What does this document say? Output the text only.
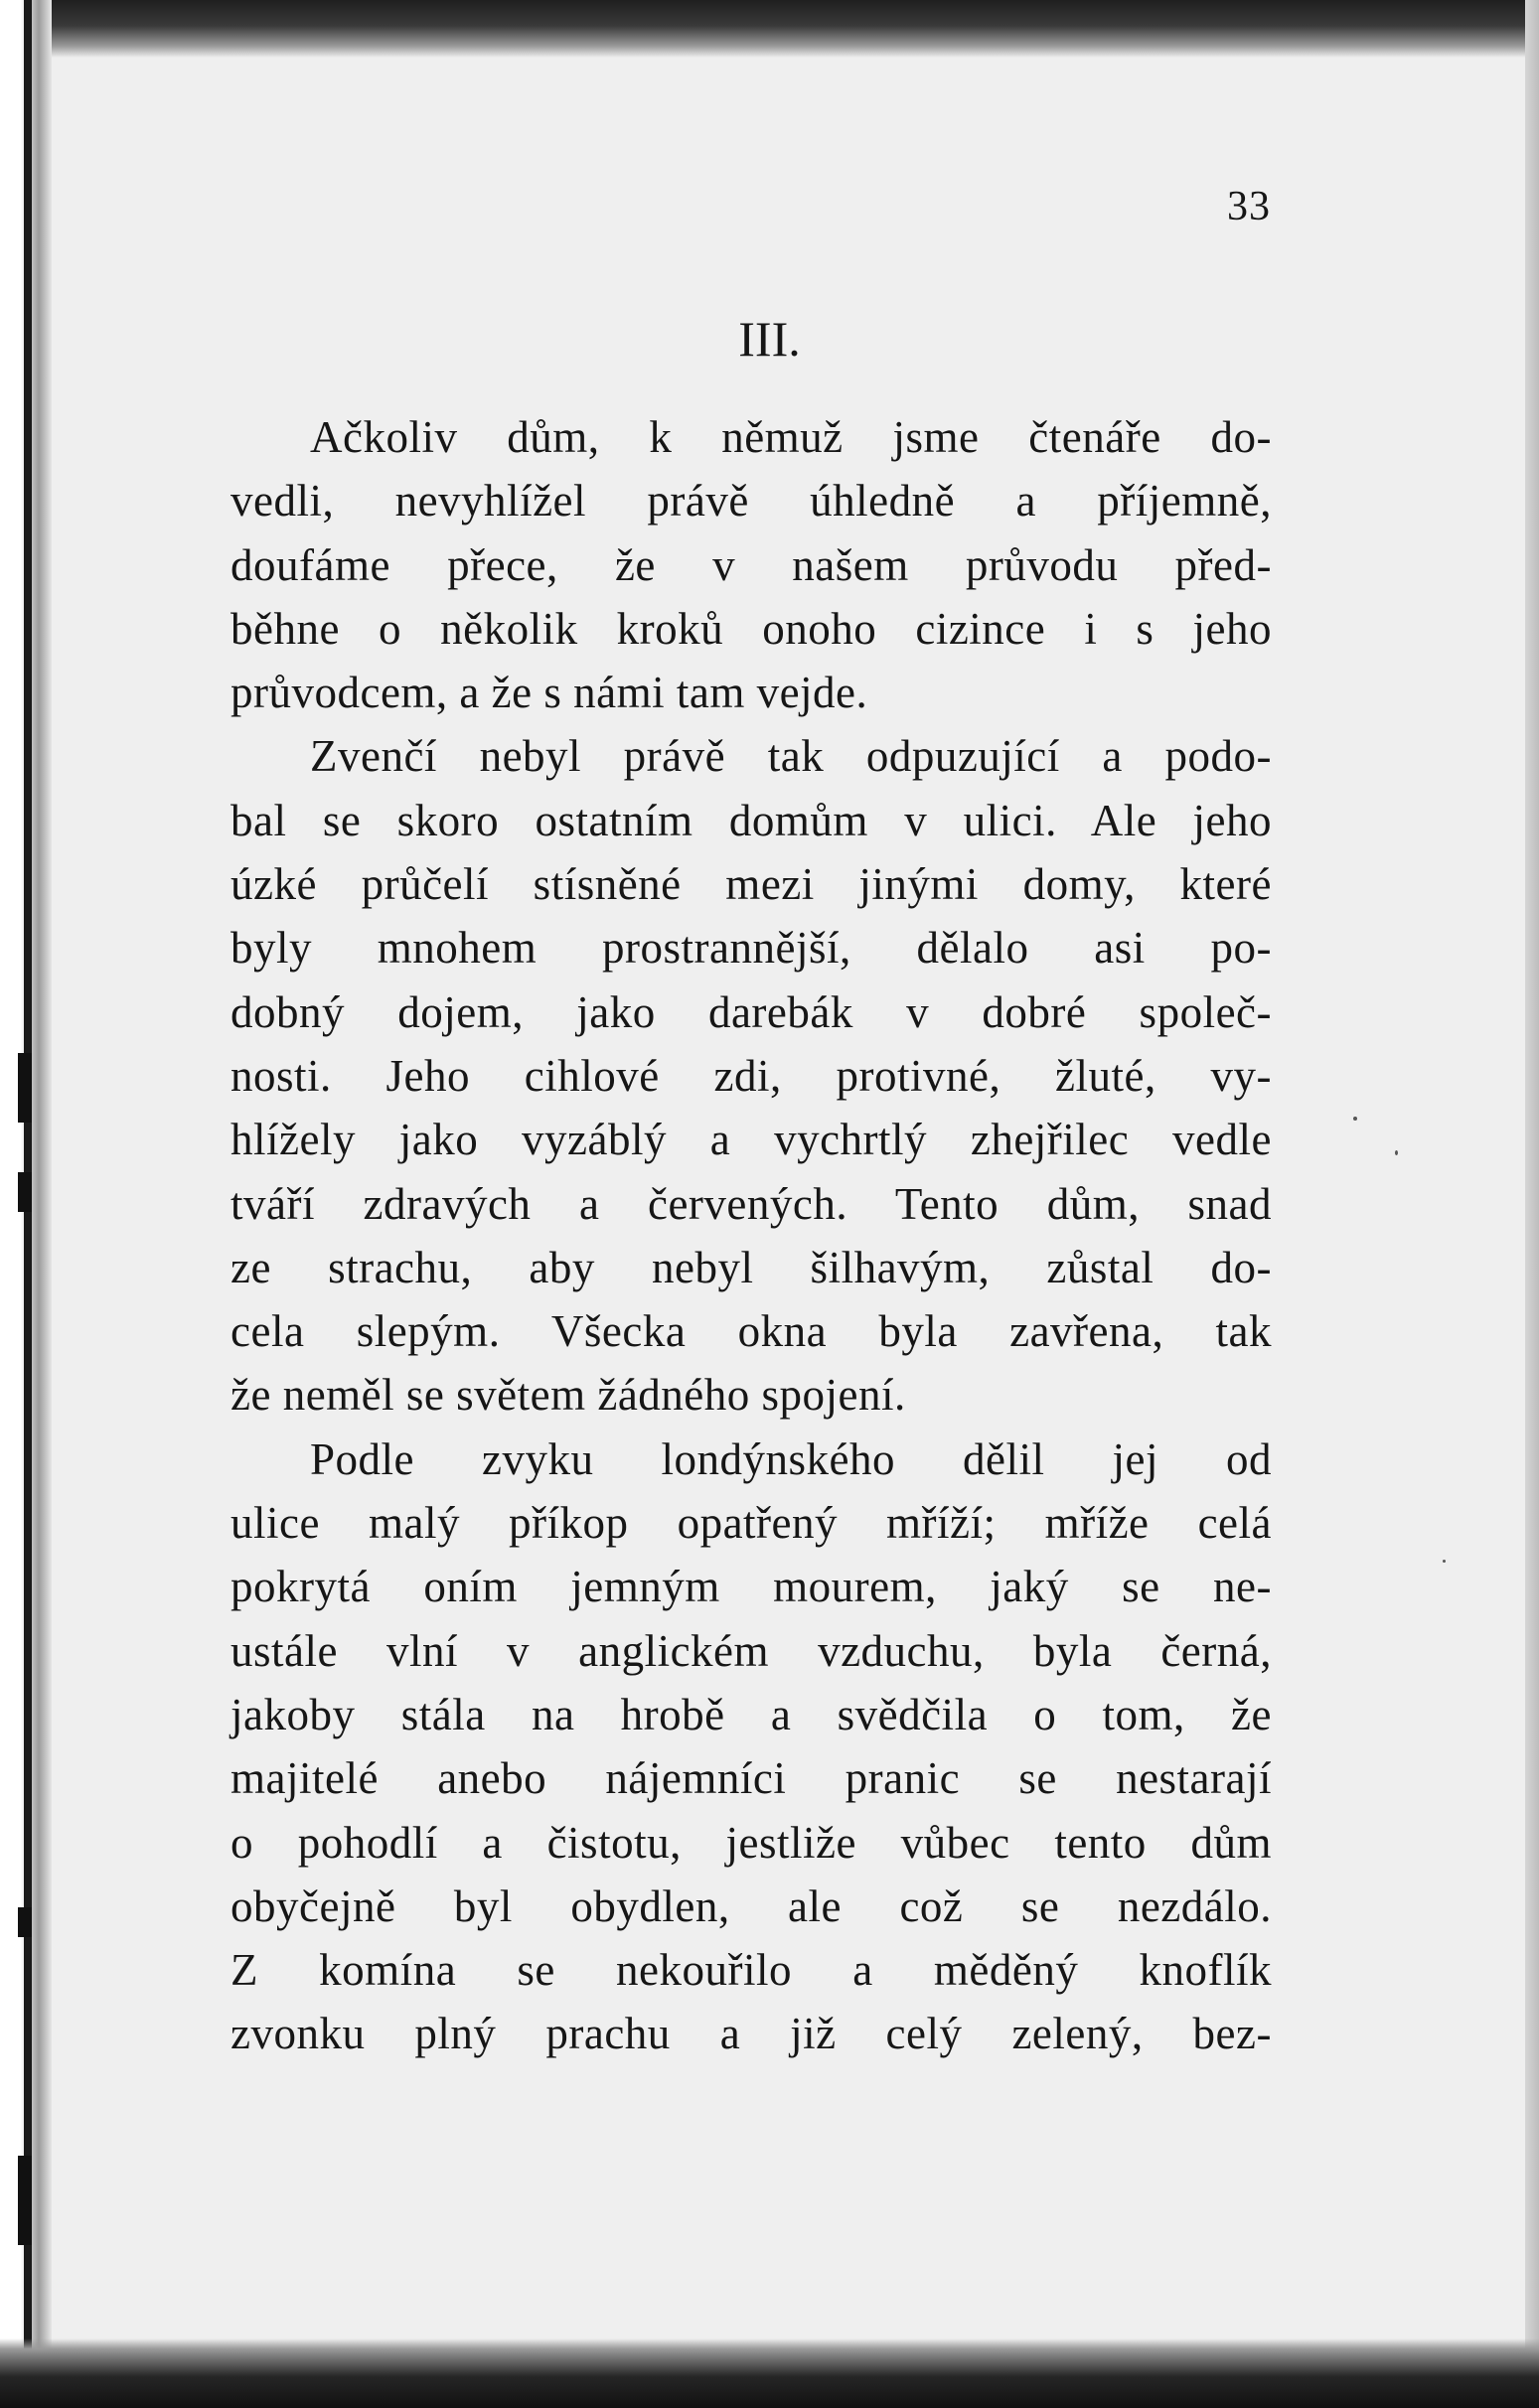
33
III.
Ačkoliv dům, k němuž jsme čtenáře do-
vedli, nevyhlížel právě úhledně a příjemně,
doufáme přece, že v našem průvodu před-
běhne o několik kroků onoho cizince i s jeho
průvodcem, a že s námi tam vejde.
Zvenčí nebyl právě tak odpuzující a podo-
bal se skoro ostatním domům v ulici. Ale jeho
úzké průčelí stísněné mezi jinými domy, které
byly mnohem prostrannější, dělalo asi po-
dobný dojem, jako darebák v dobré společ-
nosti. Jeho cihlové zdi, protivné, žluté, vy-
hlížely jako vyzáblý a vychrtlý zhejřilec vedle
tváří zdravých a červených. Tento dům, snad
ze strachu, aby nebyl šilhavým, zůstal do-
cela slepým. Všecka okna byla zavřena, tak
že neměl se světem žádného spojení.
Podle zvyku londýnského dělil jej od
ulice malý příkop opatřený mříží; mříže celá
pokrytá oním jemným mourem, jaký se ne-
ustále vlní v anglickém vzduchu, byla černá,
jakoby stála na hrobě a svědčila o tom, že
majitelé anebo nájemníci pranic se nestarají
o pohodlí a čistotu, jestliže vůbec tento dům
obyčejně byl obydlen, ale což se nezdálo.
Z komína se nekouřilo a měděný knoflík
zvonku plný prachu a již celý zelený, bez-
